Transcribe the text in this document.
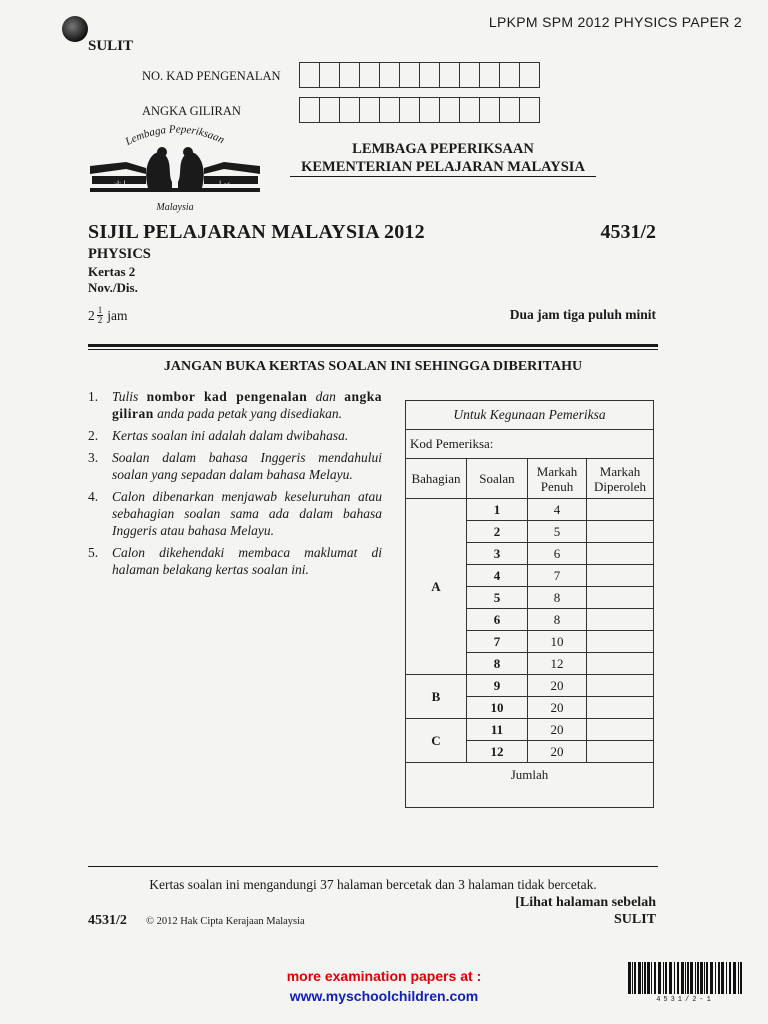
LPKPM SPM 2012 PHYSICS PAPER 2
SULIT
NO. KAD PENGENALAN
ANGKA GILIRAN
Lembaga Peperiksaan
ابتان	عدیل
Malaysia
LEMBAGA PEPERIKSAAN
KEMENTERIAN PELAJARAN MALAYSIA
SIJIL PELAJARAN MALAYSIA 2012	4531/2
PHYSICS
Kertas 2
Nov./Dis.
$2 \frac{1}{2}$ jam	Dua jam tiga puluh minit
JANGAN BUKA KERTAS SOALAN INI SEHINGGA DIBERITAHU
1.	Tulis nombor kad pengenalan dan angka giliran anda pada petak yang disediakan.
2.	Kertas soalan ini adalah dalam dwibahasa.
3.	Soalan dalam bahasa Inggeris mendahului soalan yang sepadan dalam bahasa Melayu.
4.	Calon dibenarkan menjawab keseluruhan atau sebahagian soalan sama ada dalam bahasa Inggeris atau bahasa Melayu.
5.	Calon dikehendaki membaca maklumat di halaman belakang kertas soalan ini.
Untuk Kegunaan Pemeriksa			
Kod Pemeriksa:			
Bahagian	Soalan	Markah Penuh	Markah Diperoleh
A	1	4	
	2	5	
	3	6	
	4	7	
	5	8	
	6	8	
	7	10	
	8	12	
B	9	20	
	10	20	
C	11	20	
	12	20	
Jumlah			
Kertas soalan ini mengandungi 37 halaman bercetak dan 3 halaman tidak bercetak.
[Lihat halaman sebelah
4531/2 © 2012 Hak Cipta Kerajaan Malaysia	SULIT
more examination papers at :
www.myschoolchildren.com	4531/2-1
